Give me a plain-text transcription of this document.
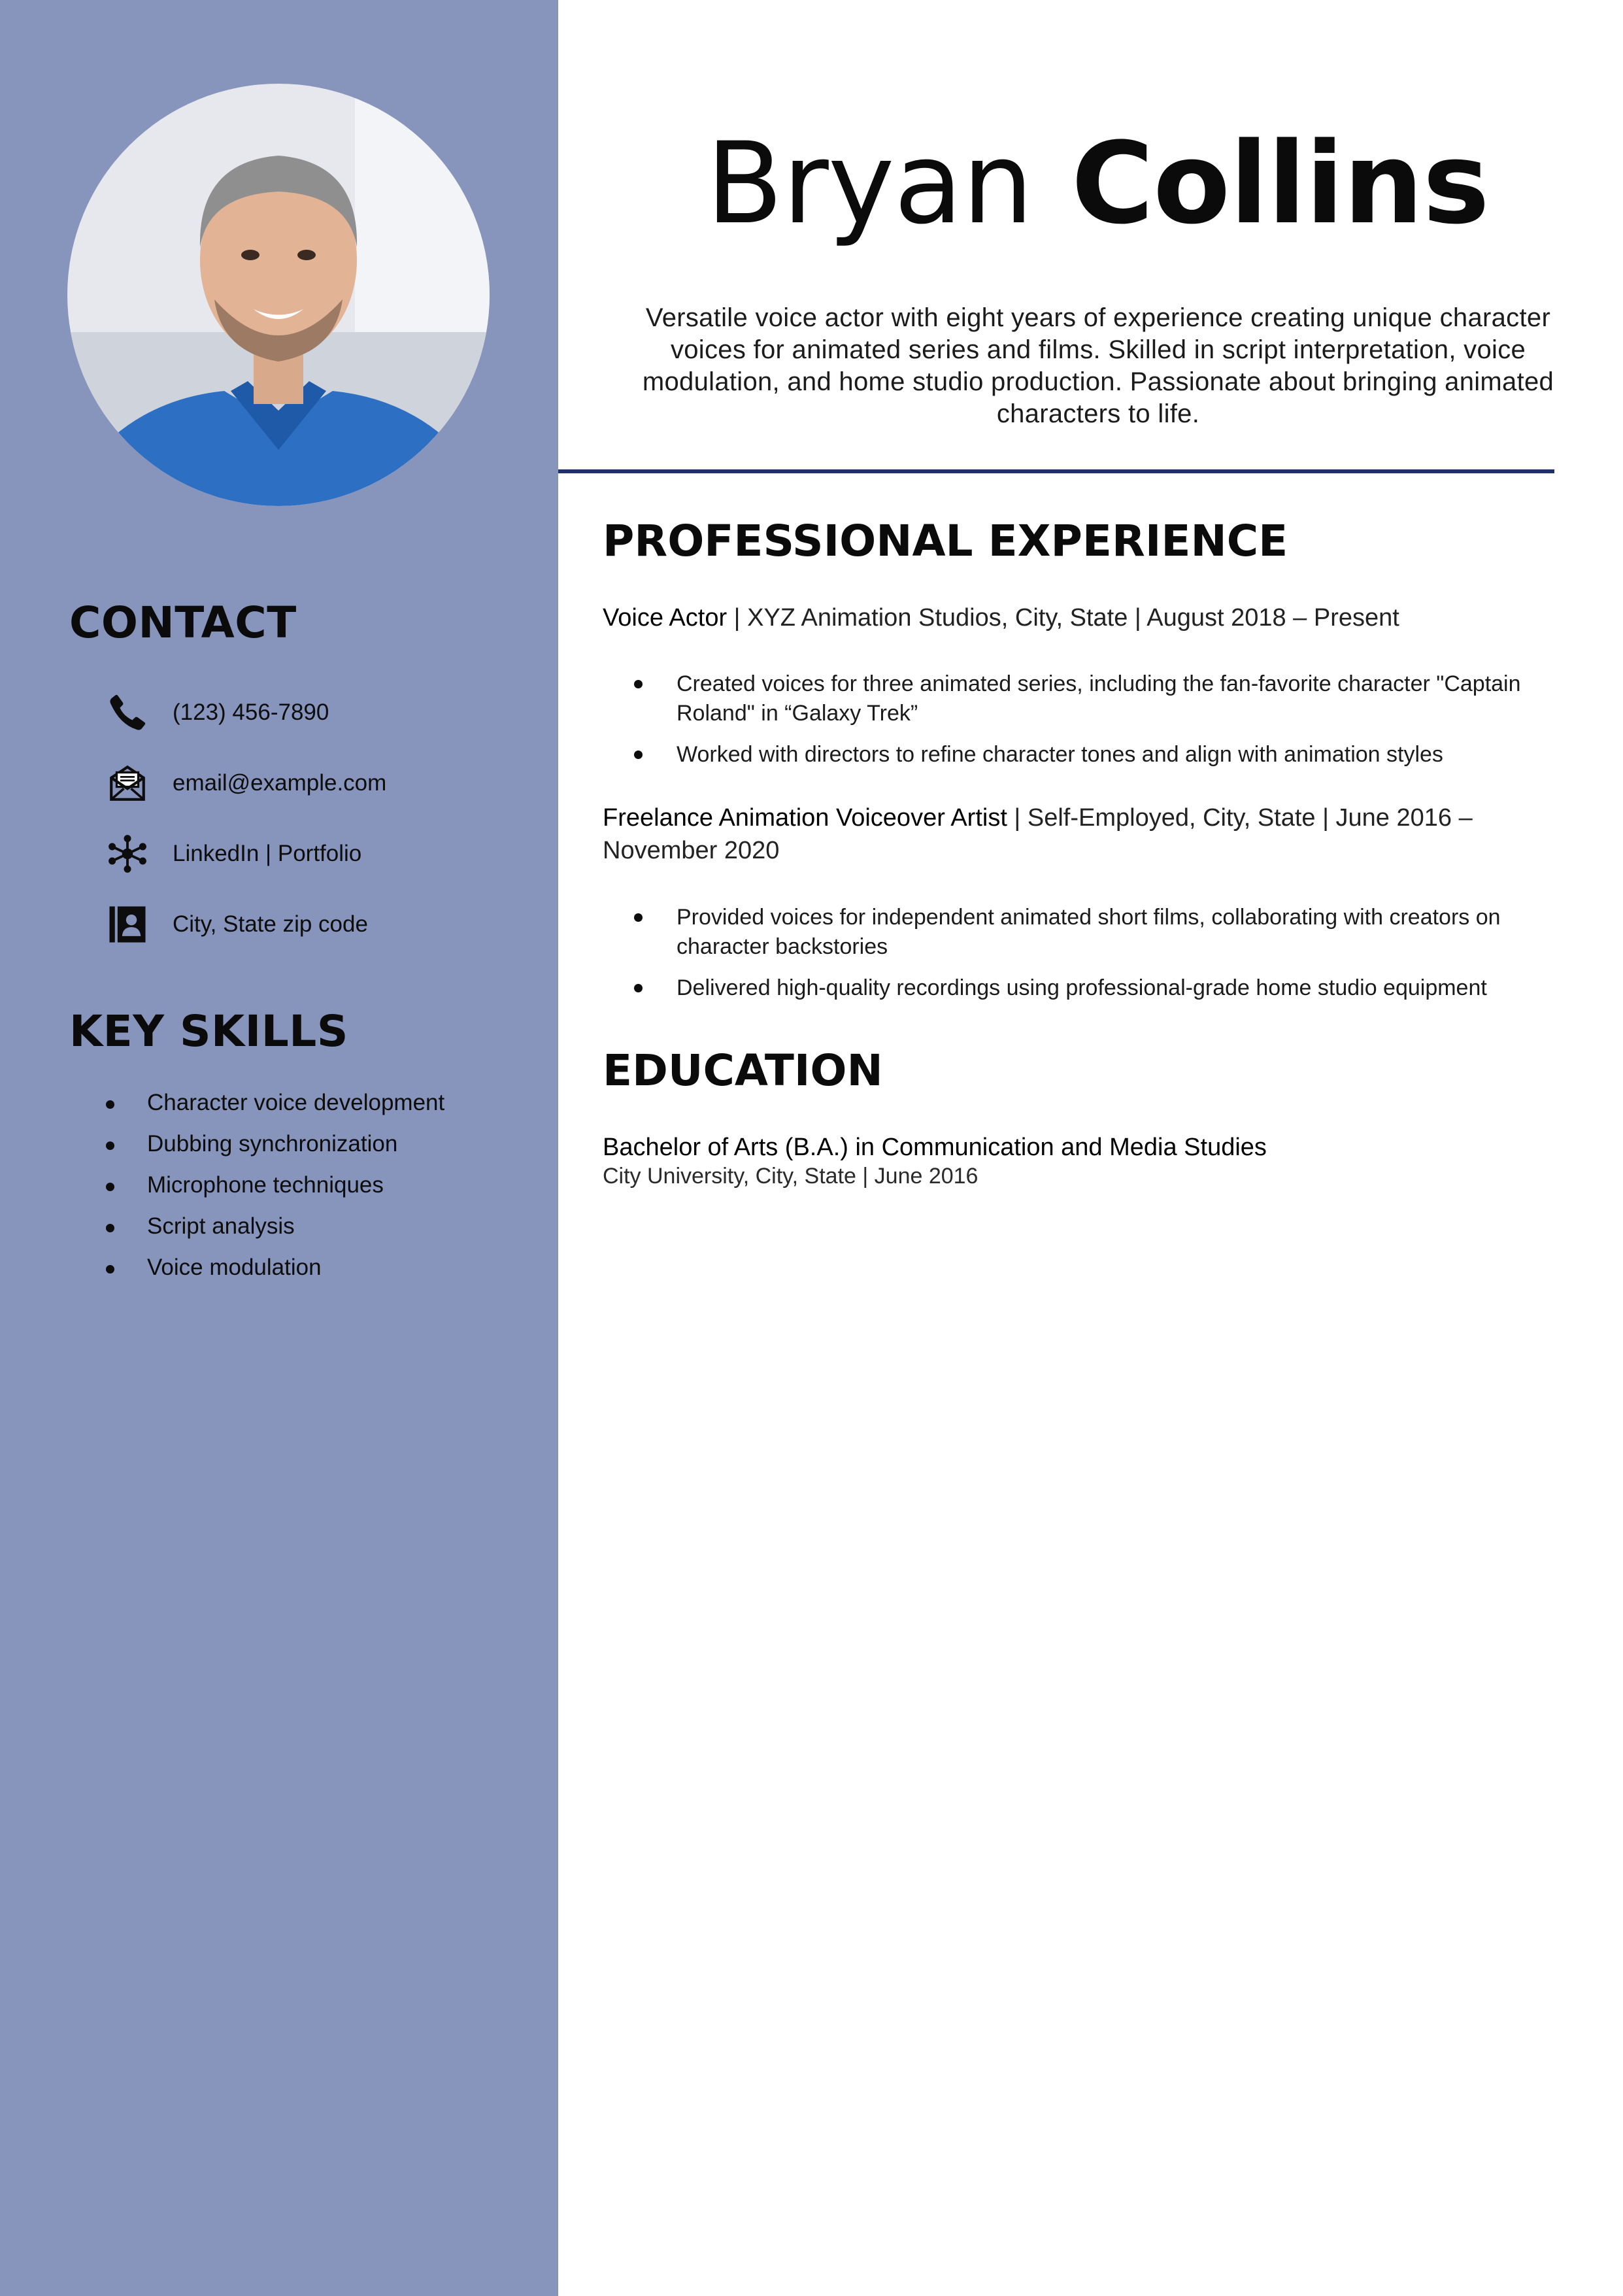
CONTACT
(123) 456-7890
email@example.com
LinkedIn | Portfolio
City, State zip code
KEY SKILLS
Character voice development
Dubbing synchronization
Microphone techniques
Script analysis
Voice modulation
Bryan Collins

Versatile voice actor with eight years of experience creating unique character voices for animated series and films. Skilled in script interpretation, voice modulation, and home studio production. Passionate about bringing animated characters to life.

PROFESSIONAL EXPERIENCE

Voice Actor | XYZ Animation Studios, City, State | August 2018 – Present

Created voices for three animated series, including the fan-favorite character "Captain Roland" in “Galaxy Trek”
Worked with directors to refine character tones and align with animation styles

Freelance Animation Voiceover Artist | Self-Employed, City, State | June 2016 – November 2020

Provided voices for independent animated short films, collaborating with creators on character backstories
Delivered high-quality recordings using professional-grade home studio equipment
EDUCATION

Bachelor of Arts (B.A.) in Communication and Media Studies

City University, City, State | June 2016
